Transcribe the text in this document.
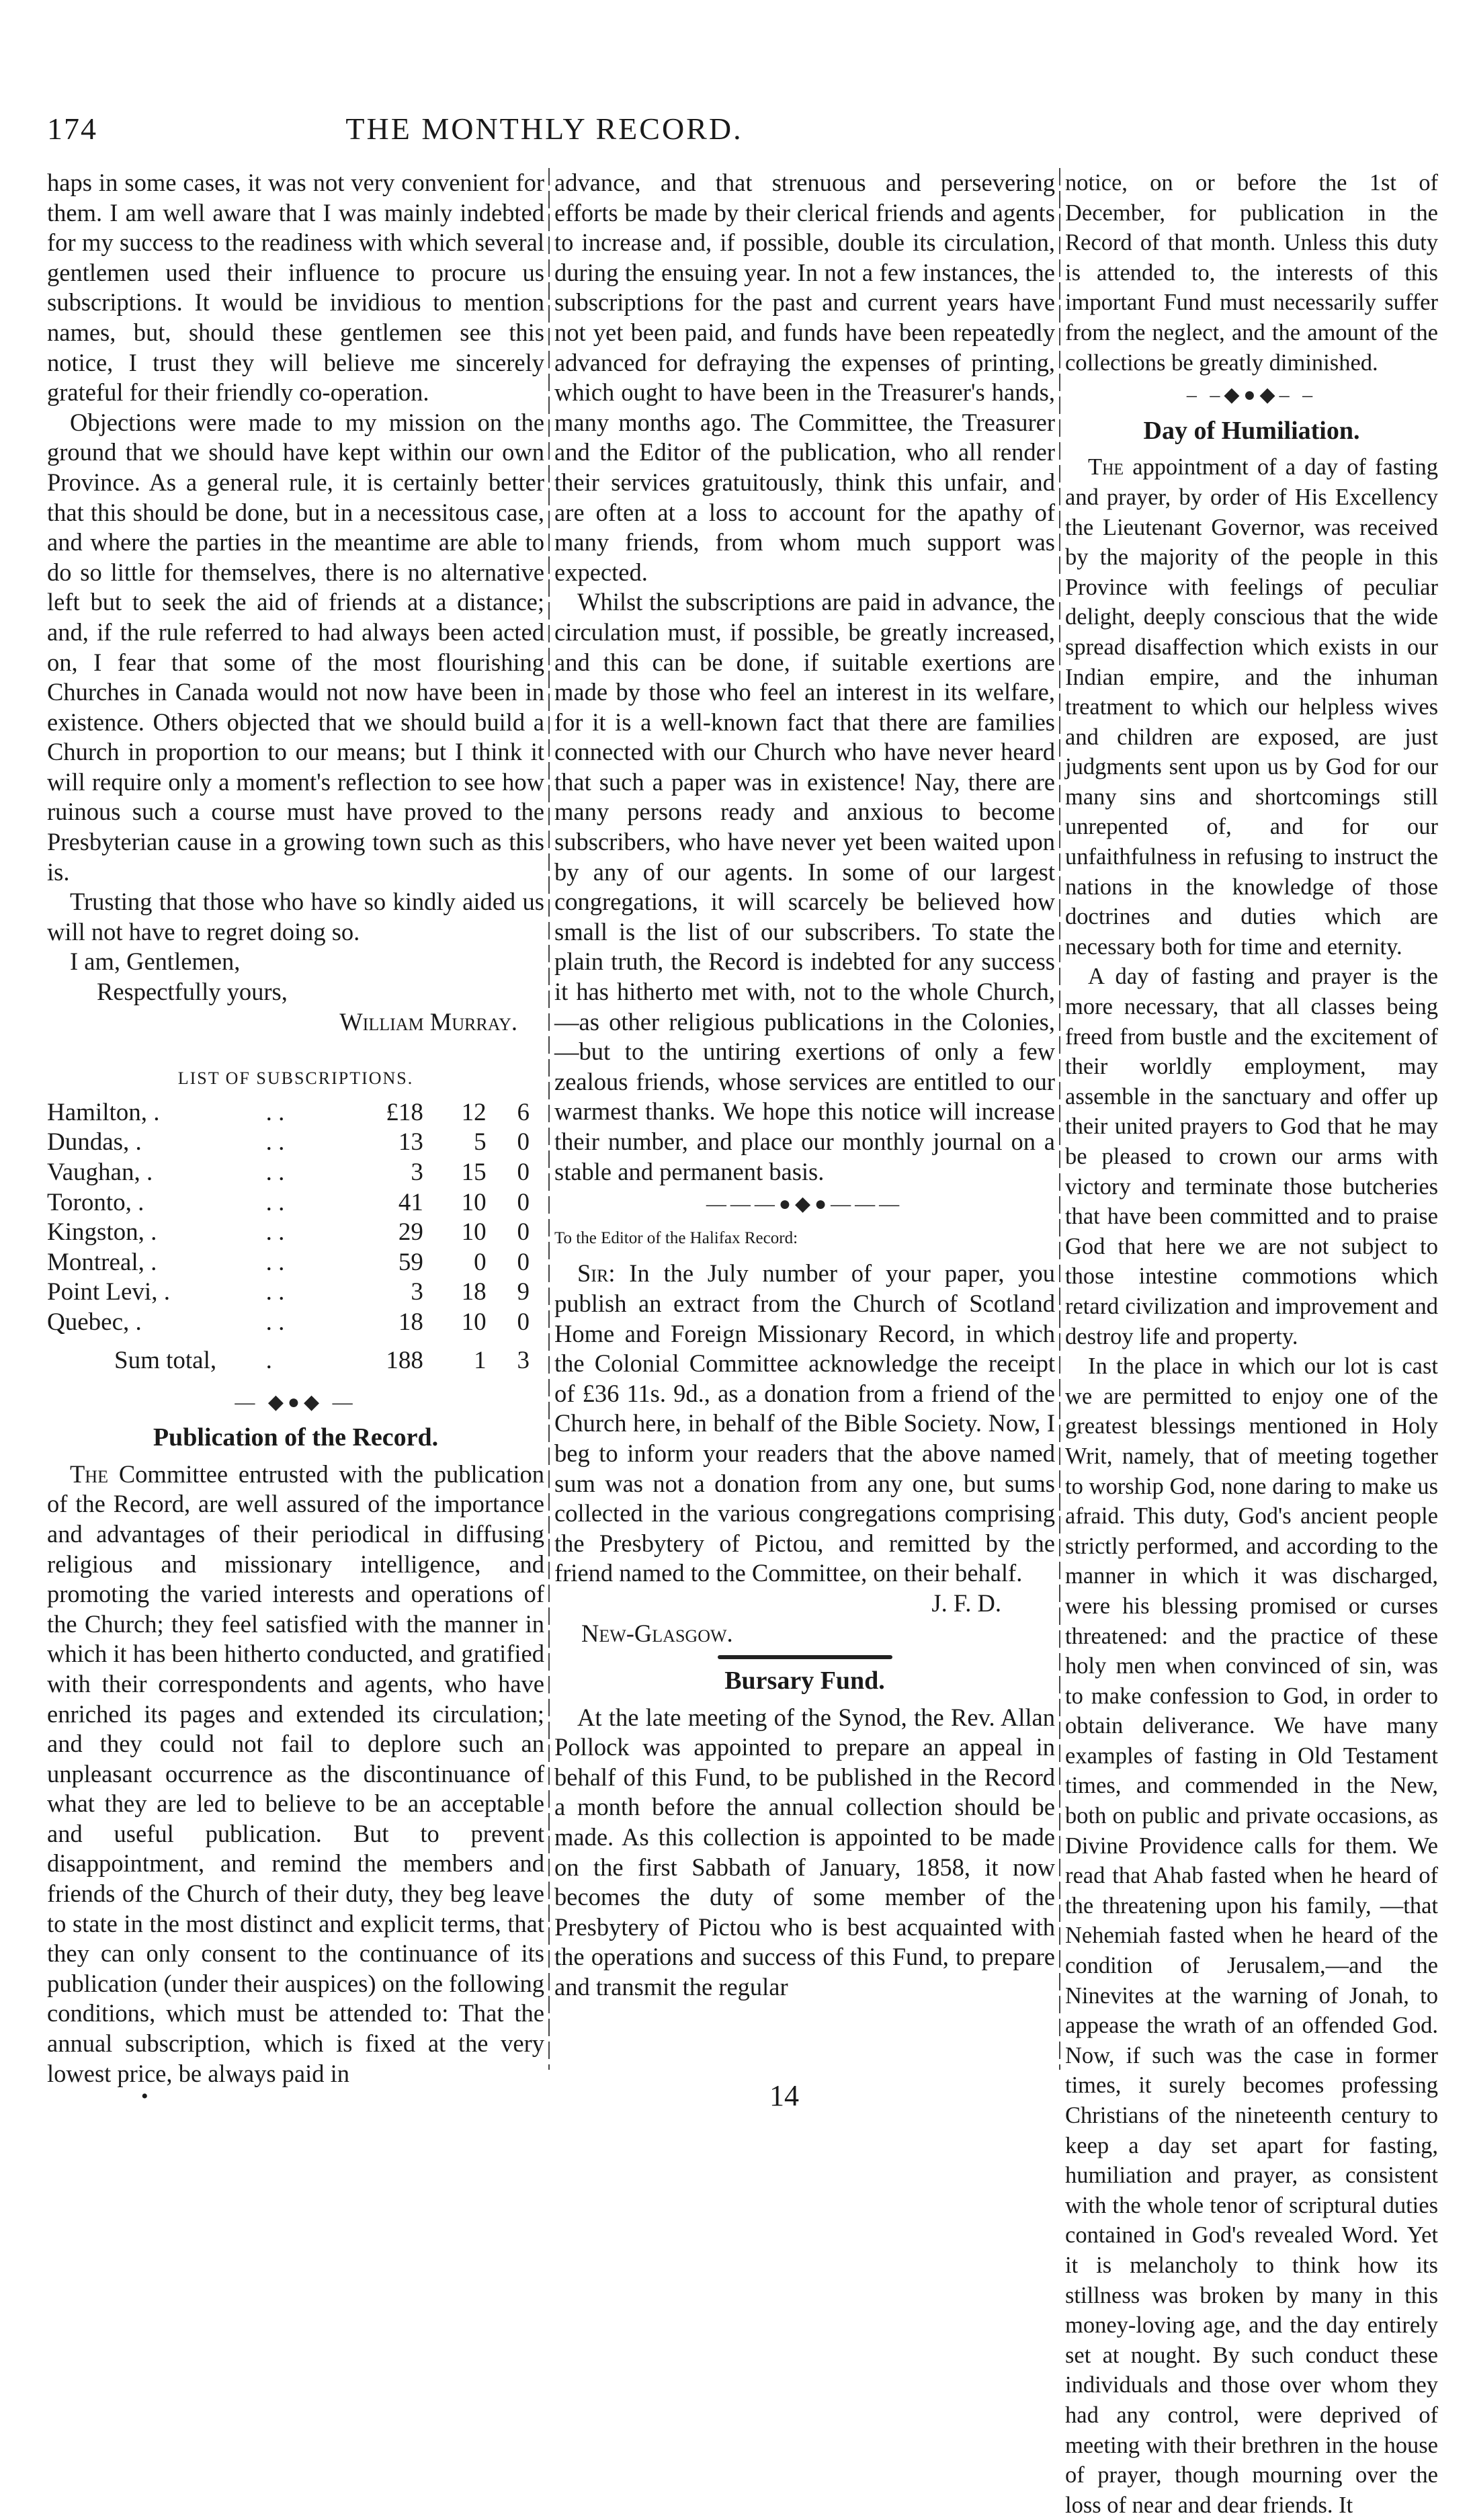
174	THE MONTHLY RECORD.

haps in some cases, it was not very convenient for them. I am well aware that I was mainly indebted for my success to the readiness with which several gentlemen used their influence to procure us subscriptions. It would be invidious to mention names, but, should these gentlemen see this notice, I trust they will believe me sincerely grateful for their friendly co-operation.

Objections were made to my mission on the ground that we should have kept within our own Province. As a general rule, it is certainly better that this should be done, but in a necessitous case, and where the parties in the meantime are able to do so little for themselves, there is no alternative left but to seek the aid of friends at a distance; and, if the rule referred to had always been acted on, I fear that some of the most flourishing Churches in Canada would not now have been in existence. Others objected that we should build a Church in proportion to our means; but I think it will require only a moment's reflection to see how ruinous such a course must have proved to the Presbyterian cause in a growing town such as this is.

Trusting that those who have so kindly aided us will not have to regret doing so.

I am, Gentlemen,

Respectfully yours,

William Murray.

LIST OF SUBSCRIPTIONS.

Hamilton, .	. .	£18	12	6
Dundas, .	. .	13	5	0
Vaughan, .	. .	3	15	0
Toronto, .	. .	41	10	0
Kingston, .	. .	29	10	0
Montreal, .	. .	59	0	0
Point Levi, .	. .	3	18	9
Quebec, .	. .	18	10	0
Sum total,	.	188	1	3
— ◆●◆ —

Publication of the Record.

The Committee entrusted with the publication of the Record, are well assured of the importance and advantages of their periodical in diffusing religious and missionary intelligence, and promoting the varied interests and operations of the Church; they feel satisfied with the manner in which it has been hitherto conducted, and gratified with their correspondents and agents, who have enriched its pages and extended its circulation; and they could not fail to deplore such an unpleasant occurrence as the discontinuance of what they are led to believe to be an acceptable and useful publication. But to prevent disappointment, and remind the members and friends of the Church of their duty, they beg leave to state in the most distinct and explicit terms, that they can only consent to the continuance of its publication (under their auspices) on the following conditions, which must be attended to: That the annual subscription, which is fixed at the very lowest price, be always paid in

advance, and that strenuous and persevering efforts be made by their clerical friends and agents to increase and, if possible, double its circulation, during the ensuing year. In not a few instances, the subscriptions for the past and current years have not yet been paid, and funds have been repeatedly advanced for defraying the expenses of printing, which ought to have been in the Treasurer's hands, many months ago. The Committee, the Treasurer and the Editor of the publication, who all render their services gratuitously, think this unfair, and are often at a loss to account for the apathy of many friends, from whom much support was expected.

Whilst the subscriptions are paid in advance, the circulation must, if possible, be greatly increased, and this can be done, if suitable exertions are made by those who feel an interest in its welfare, for it is a well-known fact that there are families connected with our Church who have never heard that such a paper was in existence! Nay, there are many persons ready and anxious to become subscribers, who have never yet been waited upon by any of our agents. In some of our largest congregations, it will scarcely be believed how small is the list of our subscribers. To state the plain truth, the Record is indebted for any success it has hitherto met with, not to the whole Church,—as other religious publications in the Colonies,—but to the untiring exertions of only a few zealous friends, whose services are entitled to our warmest thanks. We hope this notice will increase their number, and place our monthly journal on a stable and permanent basis.

———●◆●———

To the Editor of the Halifax Record:

Sir: In the July number of your paper, you publish an extract from the Church of Scotland Home and Foreign Missionary Record, in which the Colonial Committee acknowledge the receipt of £36 11s. 9d., as a donation from a friend of the Church here, in behalf of the Bible Society. Now, I beg to inform your readers that the above named sum was not a donation from any one, but sums collected in the various congregations comprising the Presbytery of Pictou, and remitted by the friend named to the Committee, on their behalf.

J. F. D.

New-Glasgow.

Bursary Fund.

At the late meeting of the Synod, the Rev. Allan Pollock was appointed to prepare an appeal in behalf of this Fund, to be published in the Record a month before the annual collection should be made. As this collection is appointed to be made on the first Sabbath of January, 1858, it now becomes the duty of some member of the Presbytery of Pictou who is best acquainted with the operations and success of this Fund, to prepare and transmit the regular

notice, on or before the 1st of December, for publication in the Record of that month. Unless this duty is attended to, the interests of this important Fund must necessarily suffer from the neglect, and the amount of the collections be greatly diminished.

– –◆●◆– –

Day of Humiliation.

The appointment of a day of fasting and prayer, by order of His Excellency the Lieutenant Governor, was received by the majority of the people in this Province with feelings of peculiar delight, deeply conscious that the wide spread disaffection which exists in our Indian empire, and the inhuman treatment to which our helpless wives and children are exposed, are just judgments sent upon us by God for our many sins and shortcomings still unrepented of, and for our unfaithfulness in refusing to instruct the nations in the knowledge of those doctrines and duties which are necessary both for time and eternity.

A day of fasting and prayer is the more necessary, that all classes being freed from bustle and the excitement of their worldly employment, may assemble in the sanctuary and offer up their united prayers to God that he may be pleased to crown our arms with victory and terminate those butcheries that have been committed and to praise God that here we are not subject to those intestine commotions which retard civilization and improvement and destroy life and property.

In the place in which our lot is cast we are permitted to enjoy one of the greatest blessings mentioned in Holy Writ, namely, that of meeting together to worship God, none daring to make us afraid. This duty, God's ancient people strictly performed, and according to the manner in which it was discharged, were his blessing promised or curses threatened: and the practice of these holy men when convinced of sin, was to make confession to God, in order to obtain deliverance. We have many examples of fasting in Old Testament times, and commended in the New, both on public and private occasions, as Divine Providence calls for them. We read that Ahab fasted when he heard of the threatening upon his family, —that Nehemiah fasted when he heard of the condition of Jerusalem,—and the Ninevites at the warning of Jonah, to appease the wrath of an offended God. Now, if such was the case in former times, it surely becomes professing Christians of the nineteenth century to keep a day set apart for fasting, humiliation and prayer, as consistent with the whole tenor of scriptural duties contained in God's revealed Word. Yet it is melancholy to think how its stillness was broken by many in this money-loving age, and the day entirely set at nought. By such conduct these individuals and those over whom they had any control, were deprived of meeting with their brethren in the house of prayer, though mourning over the loss of near and dear friends. It

•	14
